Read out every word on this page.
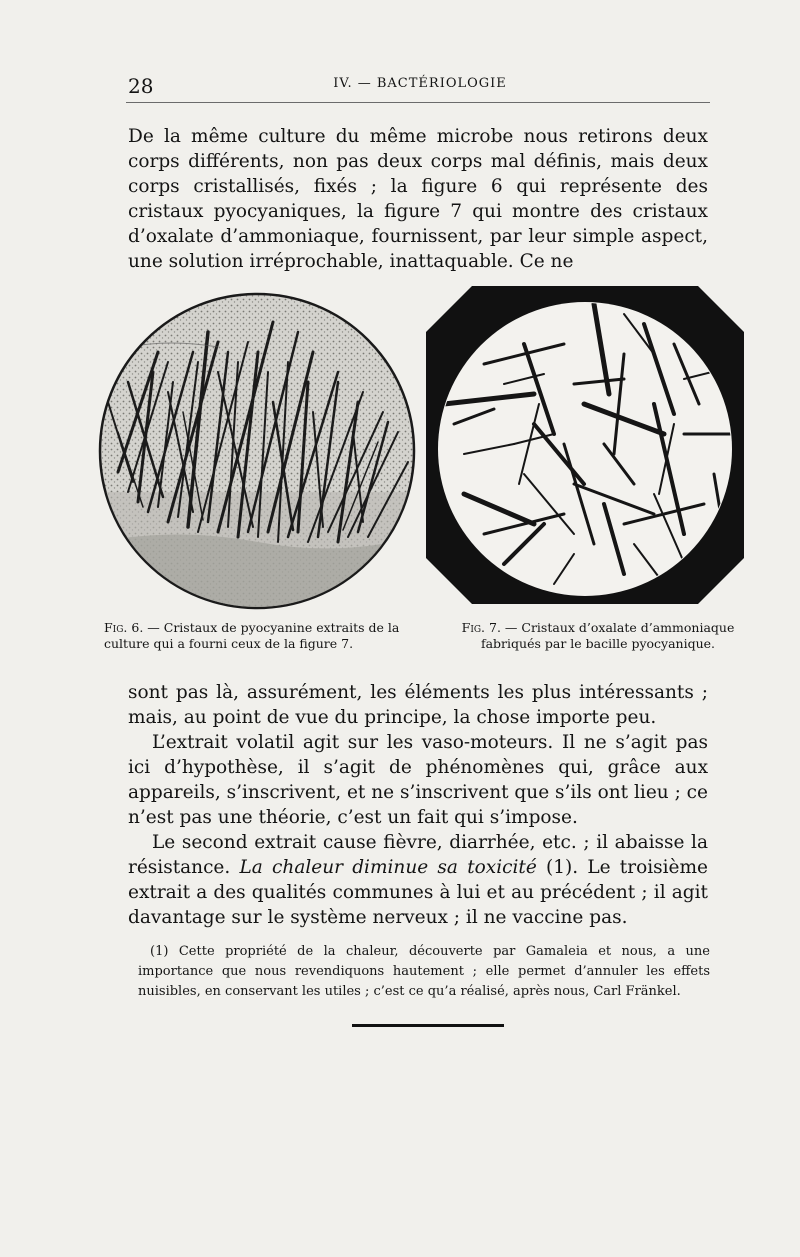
28	IV. — BACTÉRIOLOGIE

De la même culture du même microbe nous retirons deux corps différents, non pas deux corps mal définis, mais deux corps cristallisés, fixés ; la figure 6 qui représente des cristaux pyocyaniques, la figure 7 qui montre des cristaux d’oxalate d’ammoniaque, fournissent, par leur simple aspect, une solution irréprochable, inattaquable. Ce ne

Fig. 6. — Cristaux de pyocyanine extraits de la culture qui a fourni ceux de la figure 7.
Fig. 7. — Cristaux d’oxalate d’ammoniaque fabriqués par le bacille pyocyanique.

sont pas là, assurément, les éléments les plus intéressants ; mais, au point de vue du principe, la chose importe peu.

L’extrait volatil agit sur les vaso-moteurs. Il ne s’agit pas ici d’hypothèse, il s’agit de phénomènes qui, grâce aux appareils, s’inscrivent, et ne s’inscrivent que s’ils ont lieu ; ce n’est pas une théorie, c’est un fait qui s’impose.

Le second extrait cause fièvre, diarrhée, etc. ; il abaisse la résistance. La chaleur diminue sa toxicité (1). Le troisième extrait a des qualités communes à lui et au précédent ; il agit davantage sur le système nerveux ; il ne vaccine pas.

(1) Cette propriété de la chaleur, découverte par Gamaleia et nous, a une importance que nous revendiquons hautement ; elle permet d’annuler les effets nuisibles, en conservant les utiles ; c’est ce qu’a réalisé, après nous, Carl Fränkel.
